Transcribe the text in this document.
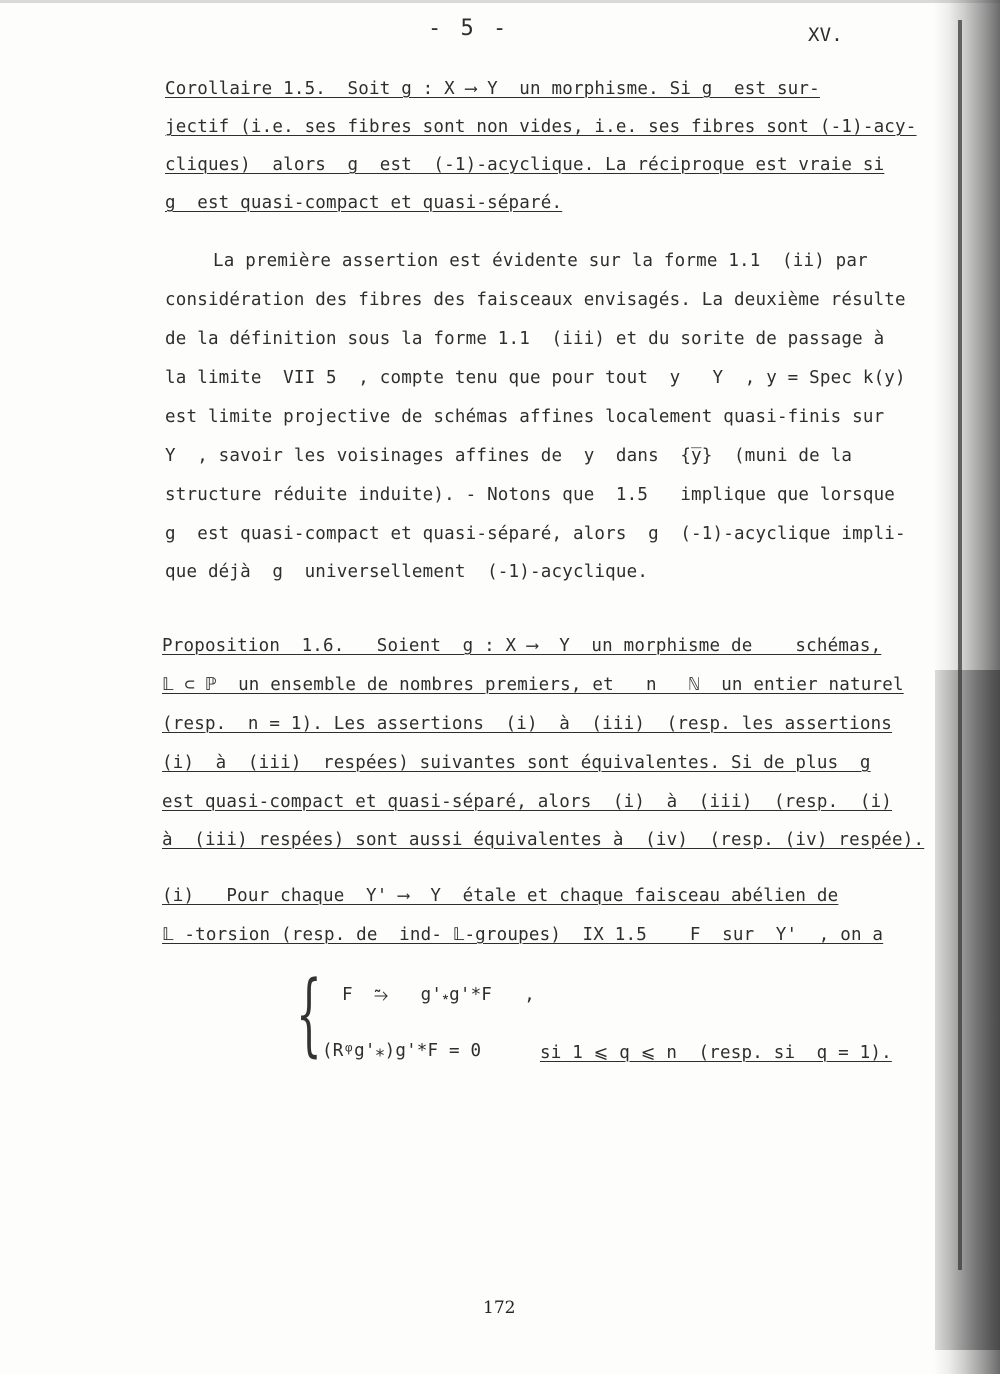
- 5 -	XV.
Corollaire 1.5.  Soit g : X ⟶ Y  un morphisme. Si g  est sur-
jectif (i.e. ses fibres sont non vides, i.e. ses fibres sont (-1)-acy-
cliques)  alors  g  est  (-1)-acyclique. La réciproque est vraie si
g  est quasi-compact et quasi-séparé.
La première assertion est évidente sur la forme 1.1  (ii) par
considération des fibres des faisceaux envisagés. La deuxième résulte
de la définition sous la forme 1.1  (iii) et du sorite de passage à
la limite  VII 5  , compte tenu que pour tout  y   Y  , y = Spec k(y)
est limite projective de schémas affines localement quasi-finis sur
Y  , savoir les voisinages affines de  y  dans  {y̅}  (muni de la
structure réduite induite). - Notons que  1.5   implique que lorsque
g  est quasi-compact et quasi-séparé, alors  g  (-1)-acyclique impli-
que déjà  g  universellement  (-1)-acyclique.
Proposition  1.6.   Soient  g : X ⟶  Y  un morphisme de    schémas,
𝕃 ⊂ ℙ  un ensemble de nombres premiers, et   n   ℕ  un entier naturel
(resp.  n = 1). Les assertions  (i)  à  (iii)  (resp. les assertions
(i)  à  (iii)  respées) suivantes sont équivalentes. Si de plus  g
est quasi-compact et quasi-séparé, alors  (i)  à  (iii)  (resp.  (i)
à  (iii) respées) sont aussi équivalentes à  (iv)  (resp. (iv) respée).
(i)   Pour chaque  Y' ⟶  Y  étale et chaque faisceau abélien de
𝕃 -torsion (resp. de  ind- 𝕃-groupes)  IX 1.5    F  sur  Y'  , on a
{ F  ⥲   g'⁎g'*F   ,
(Rᵠg'⁎)g'*F = 0	si 1 ⩽ q ⩽ n  (resp. si  q = 1).
172
